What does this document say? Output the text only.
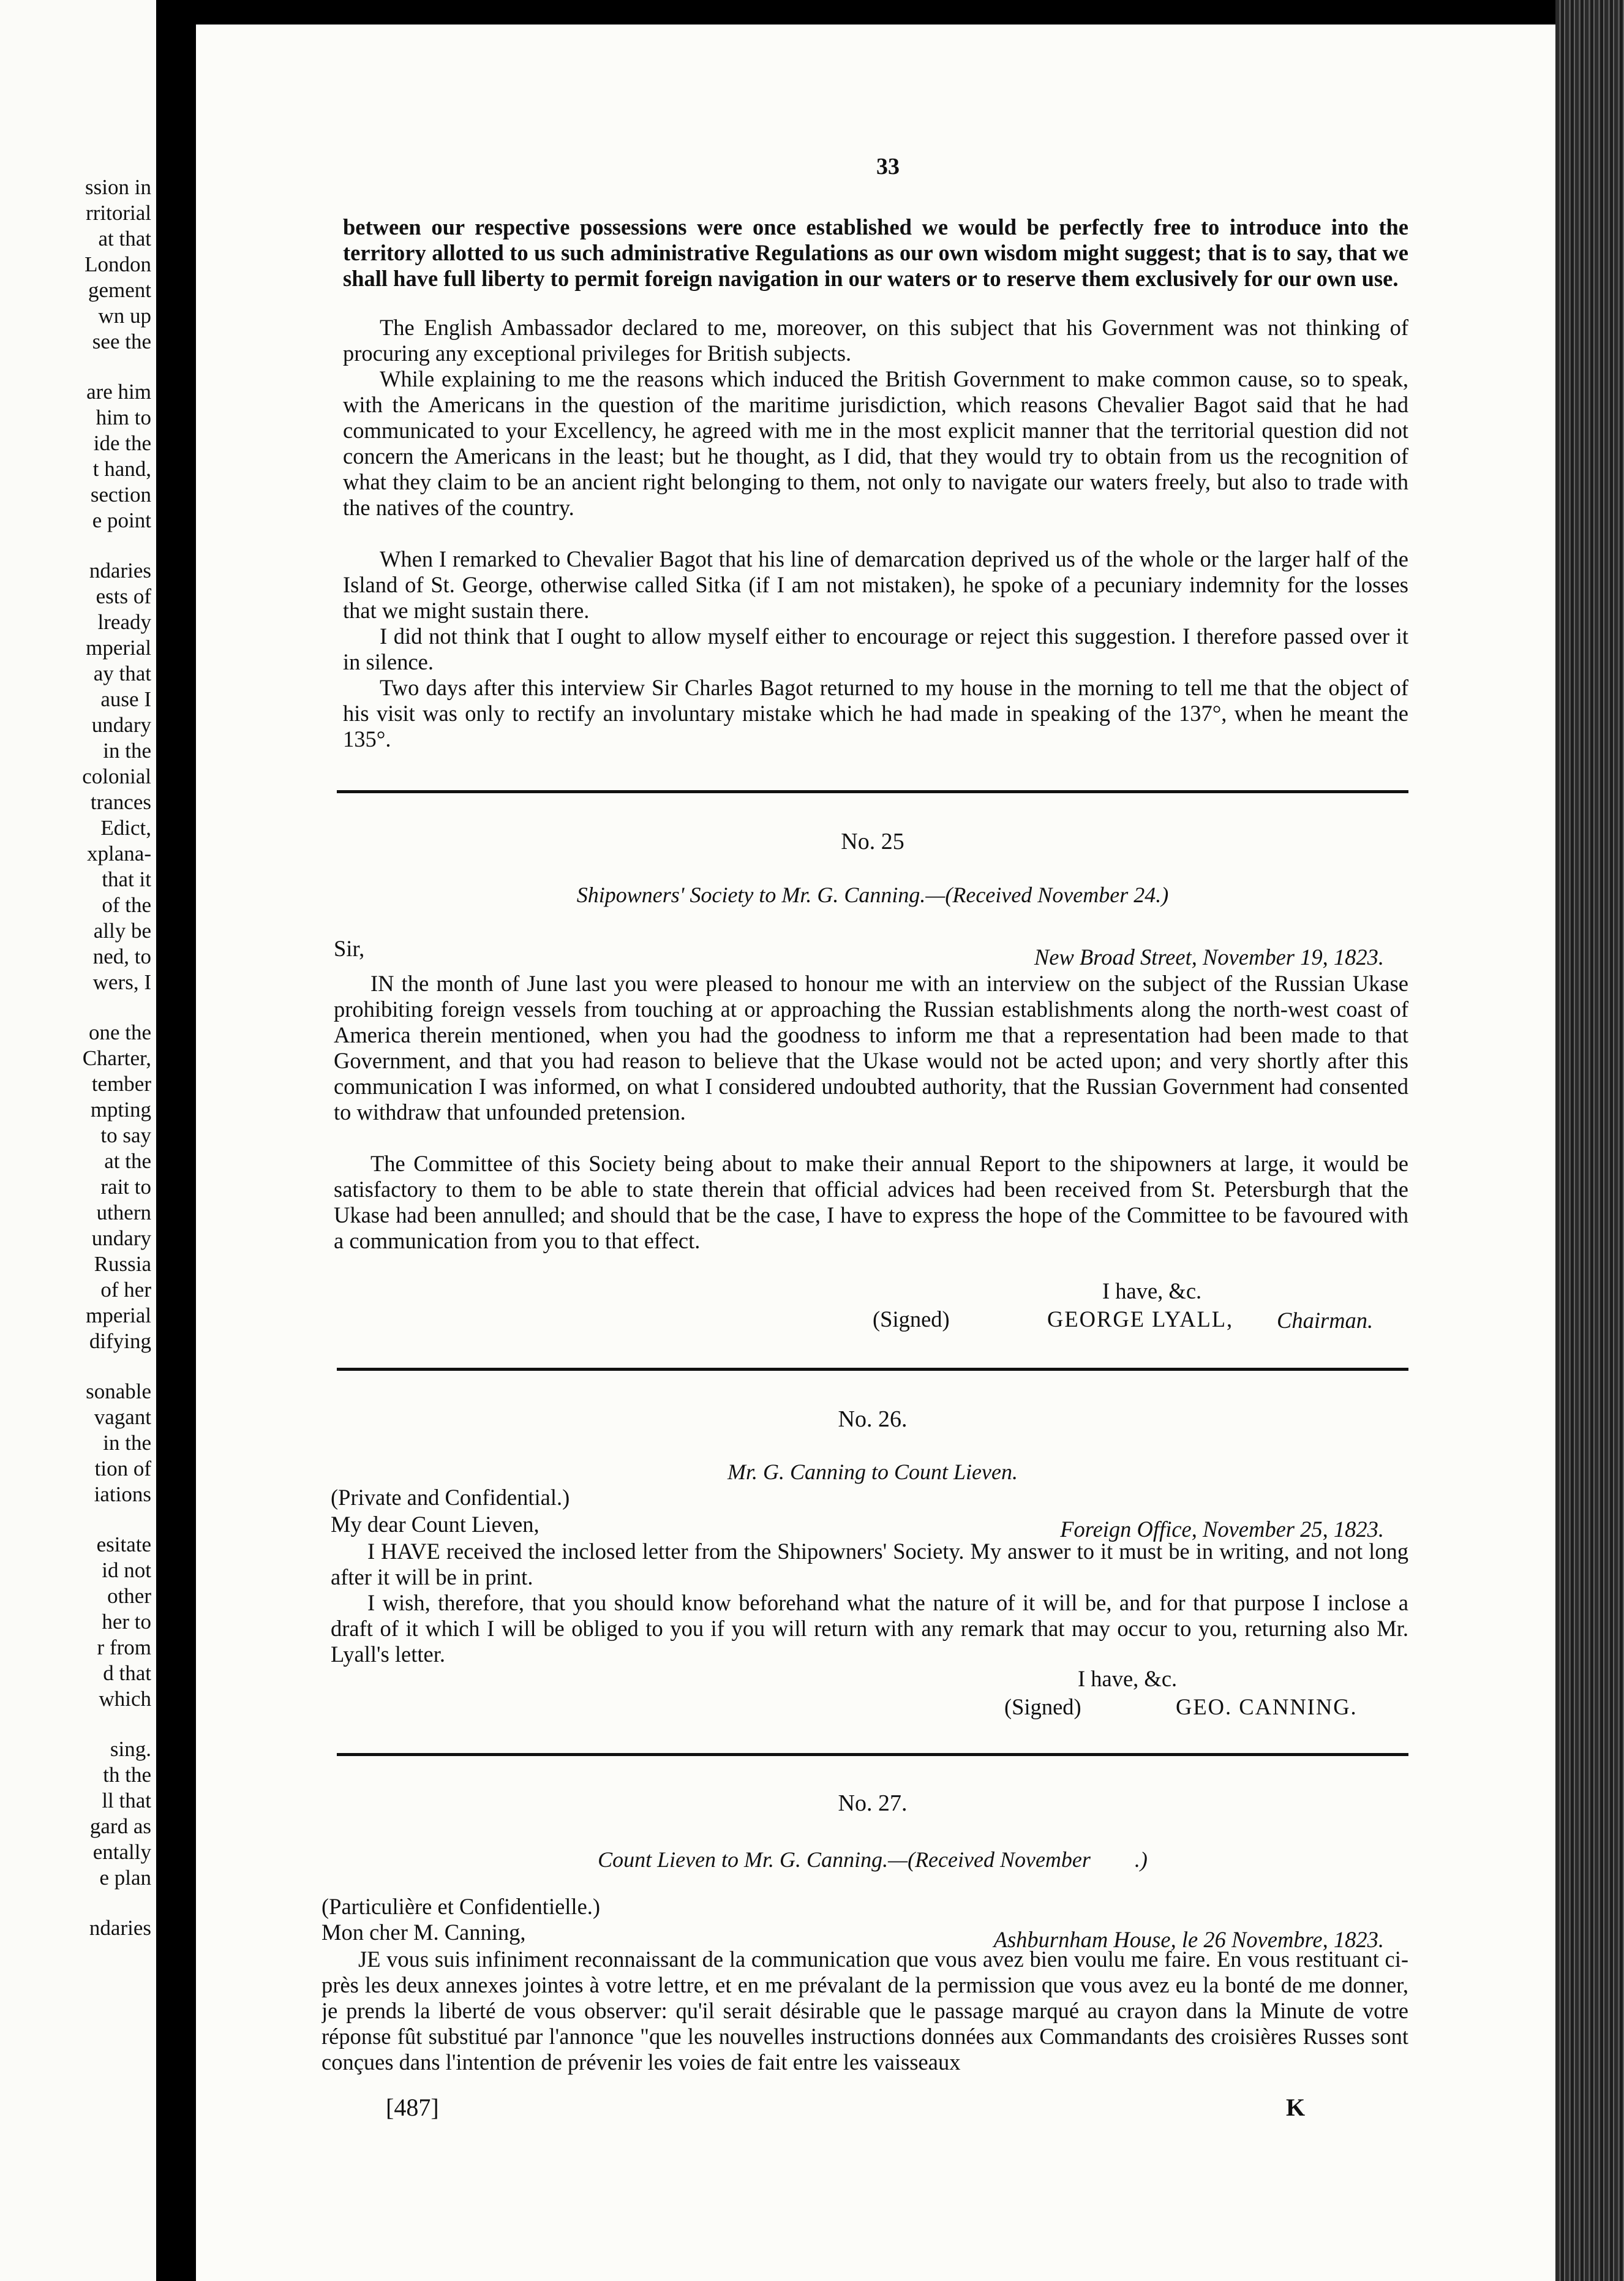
ssion in
rritorial
at that
London
gement
wn up
see the
are him
him to
ide the
t hand,
section
e point
ndaries
ests of
lready
mperial
ay that
ause I
undary
in the
colonial
trances
Edict,
xplana-
that it
of the
ally be
ned, to
wers, I
one the
Charter,
tember
mpting
to say
at the
rait to
uthern
undary
Russia
of her
mperial
difying
sonable
vagant
in the
tion of
iations
esitate
id not
other
her to
r from
d that
which
sing.
th the
ll that
gard as
entally
e plan
ndaries
33
between our respective possessions were once established we would be perfectly free to introduce into the territory allotted to us such administrative Regulations as our own wisdom might suggest; that is to say, that we shall have full liberty to permit foreign navigation in our waters or to reserve them exclusively for our own use.
The English Ambassador declared to me, moreover, on this subject that his Government was not thinking of procuring any exceptional privileges for British subjects.
While explaining to me the reasons which induced the British Government to make common cause, so to speak, with the Americans in the question of the maritime jurisdiction, which reasons Chevalier Bagot said that he had communicated to your Excellency, he agreed with me in the most explicit manner that the territorial question did not concern the Americans in the least; but he thought, as I did, that they would try to obtain from us the recognition of what they claim to be an ancient right belonging to them, not only to navigate our waters freely, but also to trade with the natives of the country.
When I remarked to Chevalier Bagot that his line of demarcation deprived us of the whole or the larger half of the Island of St. George, otherwise called Sitka (if I am not mistaken), he spoke of a pecuniary indemnity for the losses that we might sustain there.
I did not think that I ought to allow myself either to encourage or reject this suggestion. I therefore passed over it in silence.
Two days after this interview Sir Charles Bagot returned to my house in the morning to tell me that the object of his visit was only to rectify an involuntary mistake which he had made in speaking of the 137°, when he meant the 135°.
No. 25
Shipowners' Society to Mr. G. Canning.—(Received November 24.)
Sir,	New Broad Street, November 19, 1823.
IN the month of June last you were pleased to honour me with an interview on the subject of the Russian Ukase prohibiting foreign vessels from touching at or approaching the Russian establishments along the north-west coast of America therein mentioned, when you had the goodness to inform me that a representation had been made to that Government, and that you had reason to believe that the Ukase would not be acted upon; and very shortly after this communication I was informed, on what I considered undoubted authority, that the Russian Government had consented to withdraw that unfounded pretension.
The Committee of this Society being about to make their annual Report to the shipowners at large, it would be satisfactory to them to be able to state therein that official advices had been received from St. Petersburgh that the Ukase had been annulled; and should that be the case, I have to express the hope of the Committee to be favoured with a communication from you to that effect.
I have, &c.
(Signed)	GEORGE LYALL, Chairman.
No. 26.
Mr. G. Canning to Count Lieven.
(Private and Confidential.)
My dear Count Lieven,	Foreign Office, November 25, 1823.
I HAVE received the inclosed letter from the Shipowners' Society. My answer to it must be in writing, and not long after it will be in print.
I wish, therefore, that you should know beforehand what the nature of it will be, and for that purpose I inclose a draft of it which I will be obliged to you if you will return with any remark that may occur to you, returning also Mr. Lyall's letter.
I have, &c.
(Signed)	GEO. CANNING.
No. 27.
Count Lieven to Mr. G. Canning.—(Received November        .)
(Particulière et Confidentielle.)
Mon cher M. Canning,	Ashburnham House, le 26 Novembre, 1823.
JE vous suis infiniment reconnaissant de la communication que vous avez bien voulu me faire. En vous restituant ci-près les deux annexes jointes à votre lettre, et en me prévalant de la permission que vous avez eu la bonté de me donner, je prends la liberté de vous observer: qu'il serait désirable que le passage marqué au crayon dans la Minute de votre réponse fût substitué par l'annonce "que les nouvelles instructions données aux Commandants des croisières Russes sont conçues dans l'intention de prévenir les voies de fait entre les vaisseaux
[487]	K
